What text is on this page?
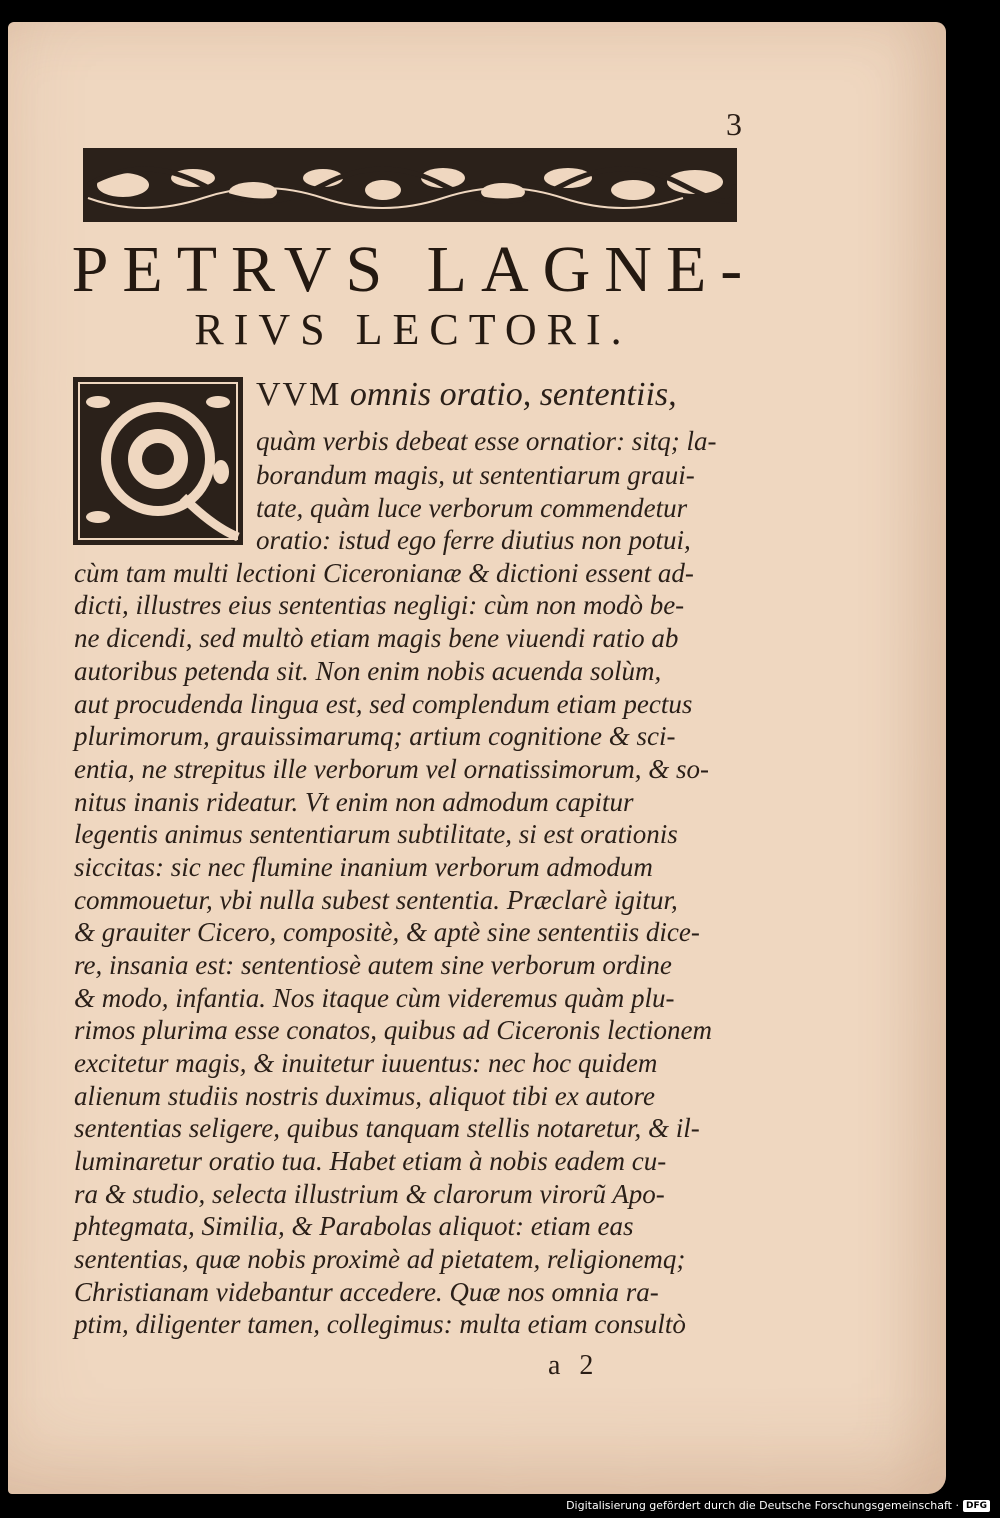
3

PETRVS LAGNE-
RIVS LECTORI.

VVM omnis oratio, sententiis,

quàm verbis debeat esse ornatior: sitq; la-

borandum magis, ut sententiarum graui-

tate, quàm luce verborum commendetur

oratio: istud ego ferre diutius non potui,

cùm tam multi lectioni Ciceronianæ & dictioni essent ad-

dicti, illustres eius sententias negligi: cùm non modò be-

ne dicendi, sed multò etiam magis bene viuendi ratio ab

autoribus petenda sit. Non enim nobis acuenda solùm,

aut procudenda lingua est, sed complendum etiam pectus

plurimorum, grauissimarumq; artium cognitione & sci-

entia, ne strepitus ille verborum vel ornatissimorum, & so-

nitus inanis rideatur. Vt enim non admodum capitur

legentis animus sententiarum subtilitate, si est orationis

siccitas: sic nec flumine inanium verborum admodum

commouetur, vbi nulla subest sententia. Præclarè igitur,

& grauiter Cicero, compositè, & aptè sine sententiis dice-

re, insania est: sententiosè autem sine verborum ordine

& modo, infantia. Nos itaque cùm videremus quàm plu-

rimos plurima esse conatos, quibus ad Ciceronis lectionem

excitetur magis, & inuitetur iuuentus: nec hoc quidem

alienum studiis nostris duximus, aliquot tibi ex autore

sententias seligere, quibus tanquam stellis notaretur, & il-

luminaretur oratio tua. Habet etiam à nobis eadem cu-

ra & studio, selecta illustrium & clarorum virorũ Apo-

phtegmata, Similia, & Parabolas aliquot: etiam eas

sententias, quæ nobis proximè ad pietatem, religionemq;

Christianam videbantur accedere. Quæ nos omnia ra-

ptim, diligenter tamen, collegimus: multa etiam consultò

a 2

Digitalisierung gefördert durch die Deutsche Forschungsgemeinschaft · DFG
